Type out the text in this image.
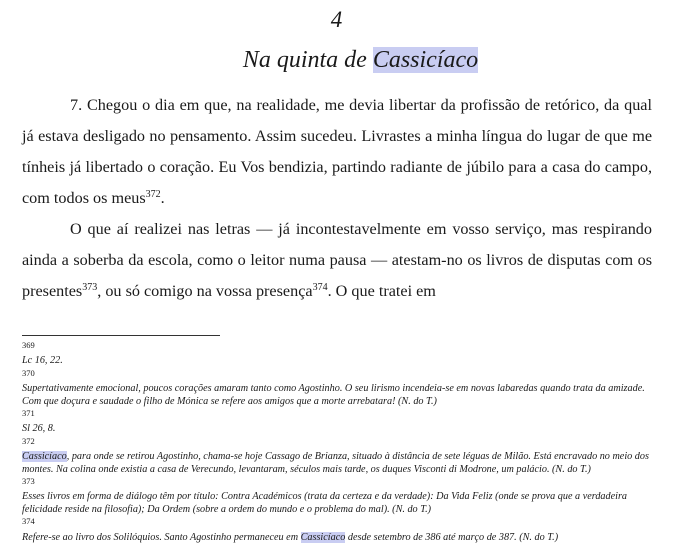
4
Na quinta de Cassicíaco

7. Chegou o dia em que, na realidade, me devia libertar da profissão de retórico, da qual já estava desligado no pensamento. Assim sucedeu. Livrastes a minha língua do lugar de que me tínheis já libertado o coração. Eu Vos bendizia, partindo radiante de júbilo para a casa do campo, com todos os meus$^{372}$.

O que aí realizei nas letras — já incontestavelmente em vosso serviço, mas respirando ainda a soberba da escola, como o leitor numa pausa — atestam-no os livros de disputas com os presentes$^{373}$, ou só comigo na vossa presença$^{374}$. O que tratei em

$^{369}$
Lc 16, 22.
$^{370}$
Supertativamente emocional, poucos corações amaram tanto como Agostinho. O seu lirismo incendeia-se em novas labaredas quando trata da amizade. Com que doçura e saudade o filho de Mónica se refere aos amigos que a morte arrebatara! (N. do T.)
$^{371}$
Sl 26, 8.
$^{372}$
Cassicíaco, para onde se retirou Agostinho, chama-se hoje Cassago de Brianza, situado à distância de sete léguas de Milão. Está encravado no meio dos montes. Na colina onde existia a casa de Verecundo, levantaram, séculos mais tarde, os duques Visconti di Modrone, um palácio. (N. do T.)
$^{373}$
Esses livros em forma de diálogo têm por título: Contra Académicos (trata da certeza e da verdade): Da Vida Feliz (onde se prova que a verdadeira felicidade reside na filosofia); Da Ordem (sobre a ordem do mundo e o problema do mal). (N. do T.)
$^{374}$
Refere-se ao livro dos Solilóquios. Santo Agostinho permaneceu em Cassicíaco desde setembro de 386 até março de 387. (N. do T.)
